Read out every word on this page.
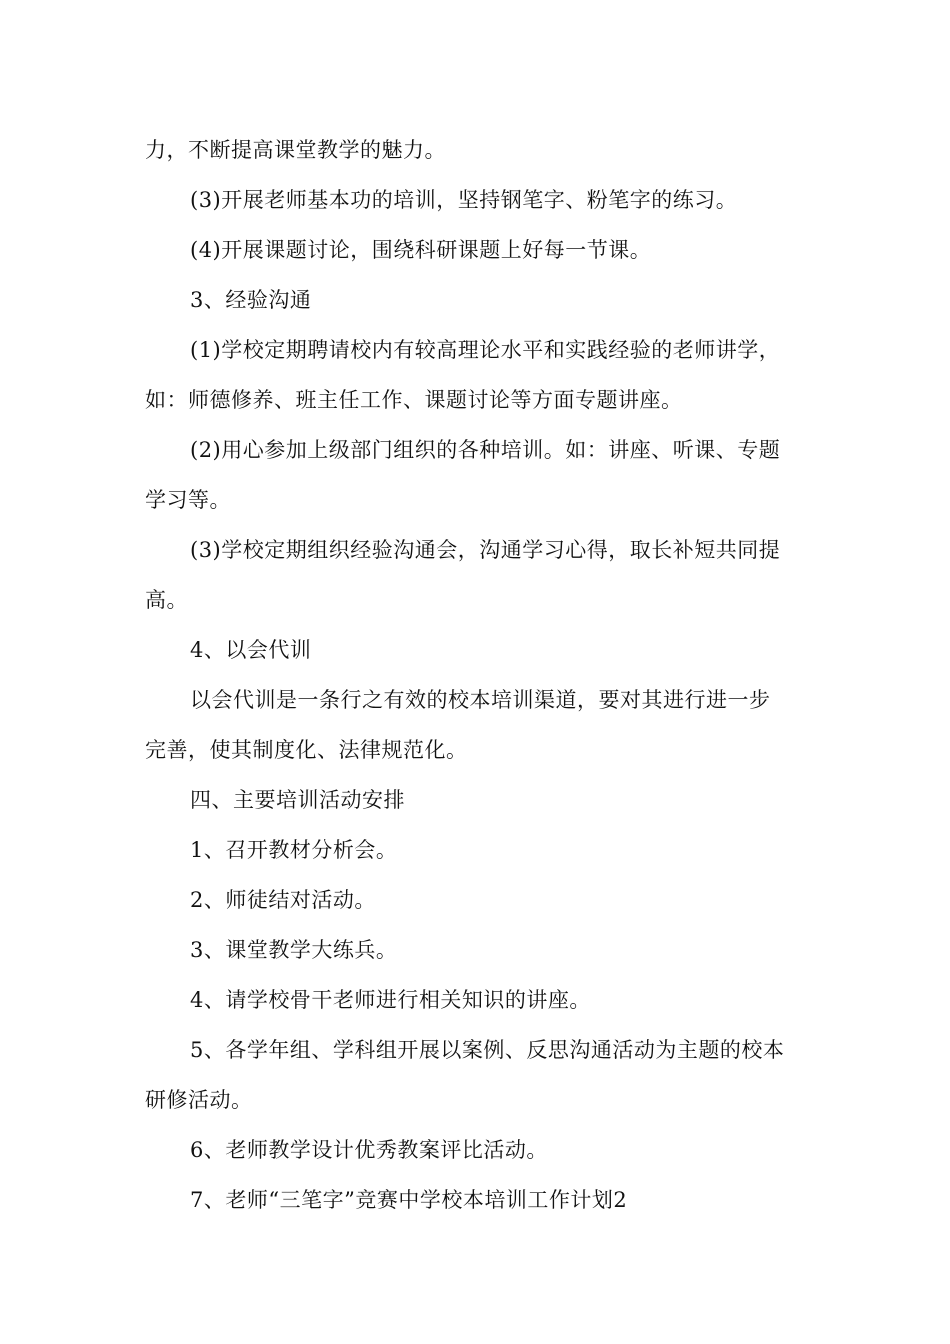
力，不断提高课堂教学的魅力。
(3)开展老师基本功的培训，坚持钢笔字、粉笔字的练习。
(4)开展课题讨论，围绕科研课题上好每一节课。
3、经验沟通
(1)学校定期聘请校内有较高理论水平和实践经验的老师讲学，
如：师德修养、班主任工作、课题讨论等方面专题讲座。
(2)用心参加上级部门组织的各种培训。如：讲座、听课、专题
学习等。
(3)学校定期组织经验沟通会，沟通学习心得，取长补短共同提
高。
4、以会代训
以会代训是一条行之有效的校本培训渠道，要对其进行进一步
完善，使其制度化、法律规范化。
四、主要培训活动安排
1、召开教材分析会。
2、师徒结对活动。
3、课堂教学大练兵。
4、请学校骨干老师进行相关知识的讲座。
5、各学年组、学科组开展以案例、反思沟通活动为主题的校本
研修活动。
6、老师教学设计优秀教案评比活动。
7、老师“三笔字”竞赛中学校本培训工作计划2
